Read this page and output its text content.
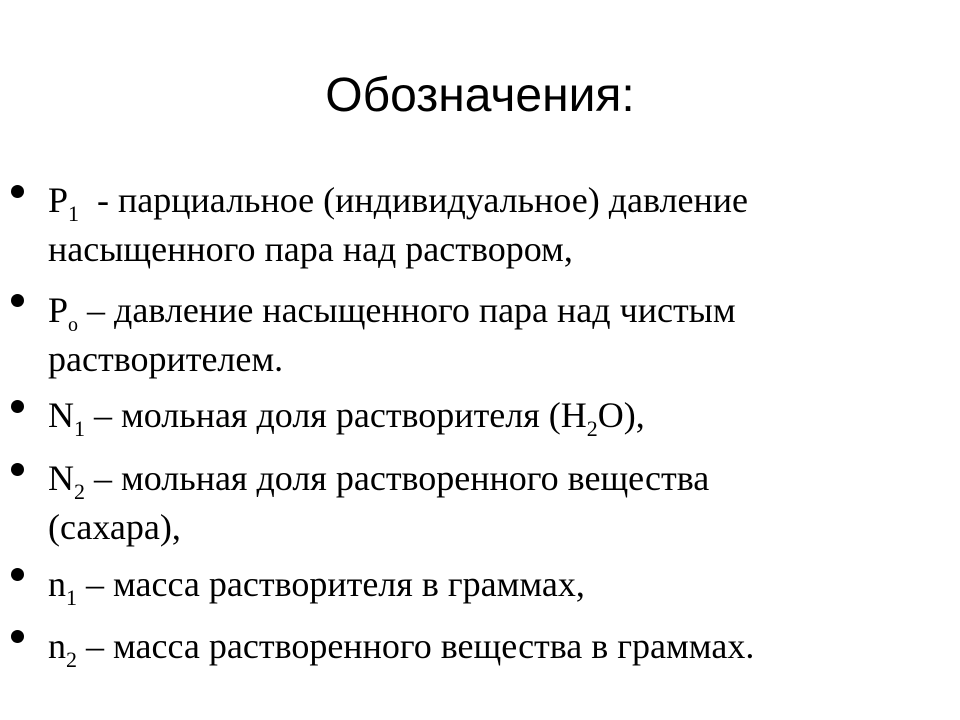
Обозначения:
$P_1$ - парциальное (индивидуальное) давление
насыщенного пара над раствором,
$P_о$ – давление насыщенного пара над чистым
растворителем.
$N_1$ – мольная доля растворителя $(H_2O)$,
$N_2$ – мольная доля растворенного вещества
(сахара),
$n_1$ – масса растворителя в граммах,
$n_2$ – масса растворенного вещества в граммах.
